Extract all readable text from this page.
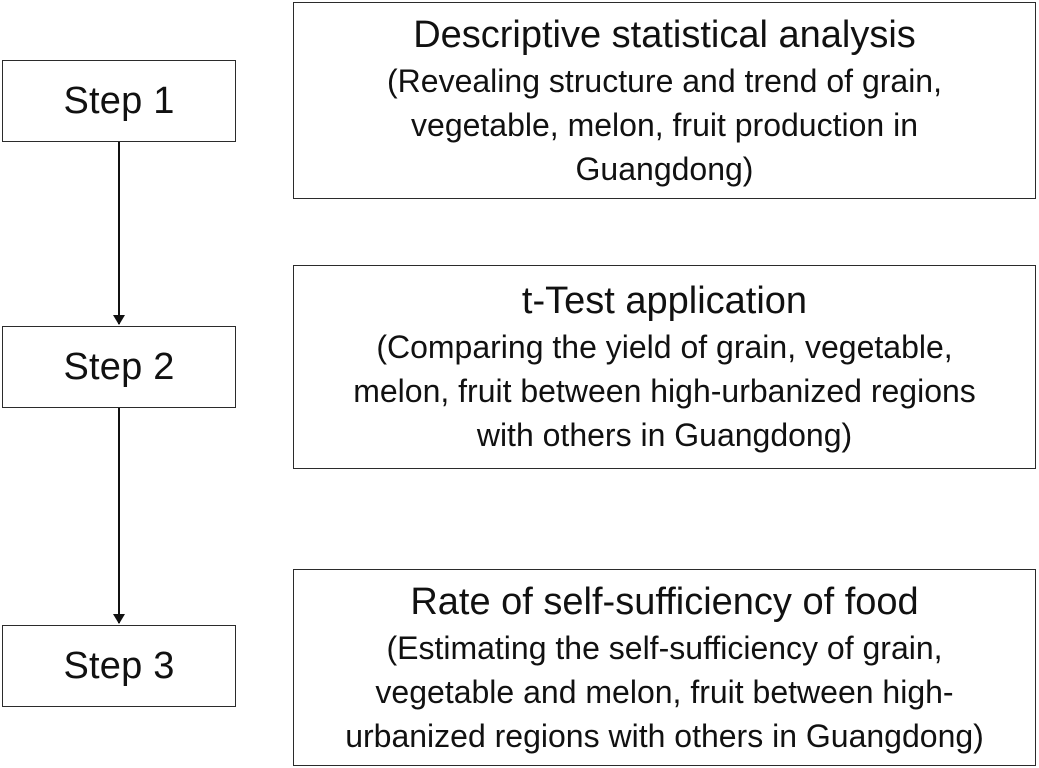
Step 1
Step 2
Step 3
Descriptive statistical analysis
(Revealing structure and trend of grain,
vegetable, melon, fruit production in
Guangdong)
t-Test application
(Comparing the yield of grain, vegetable,
melon, fruit between high-urbanized regions
with others in Guangdong)
Rate of self-sufficiency of food
(Estimating the self-sufficiency of grain,
vegetable and melon, fruit between high-
urbanized regions with others in Guangdong)
